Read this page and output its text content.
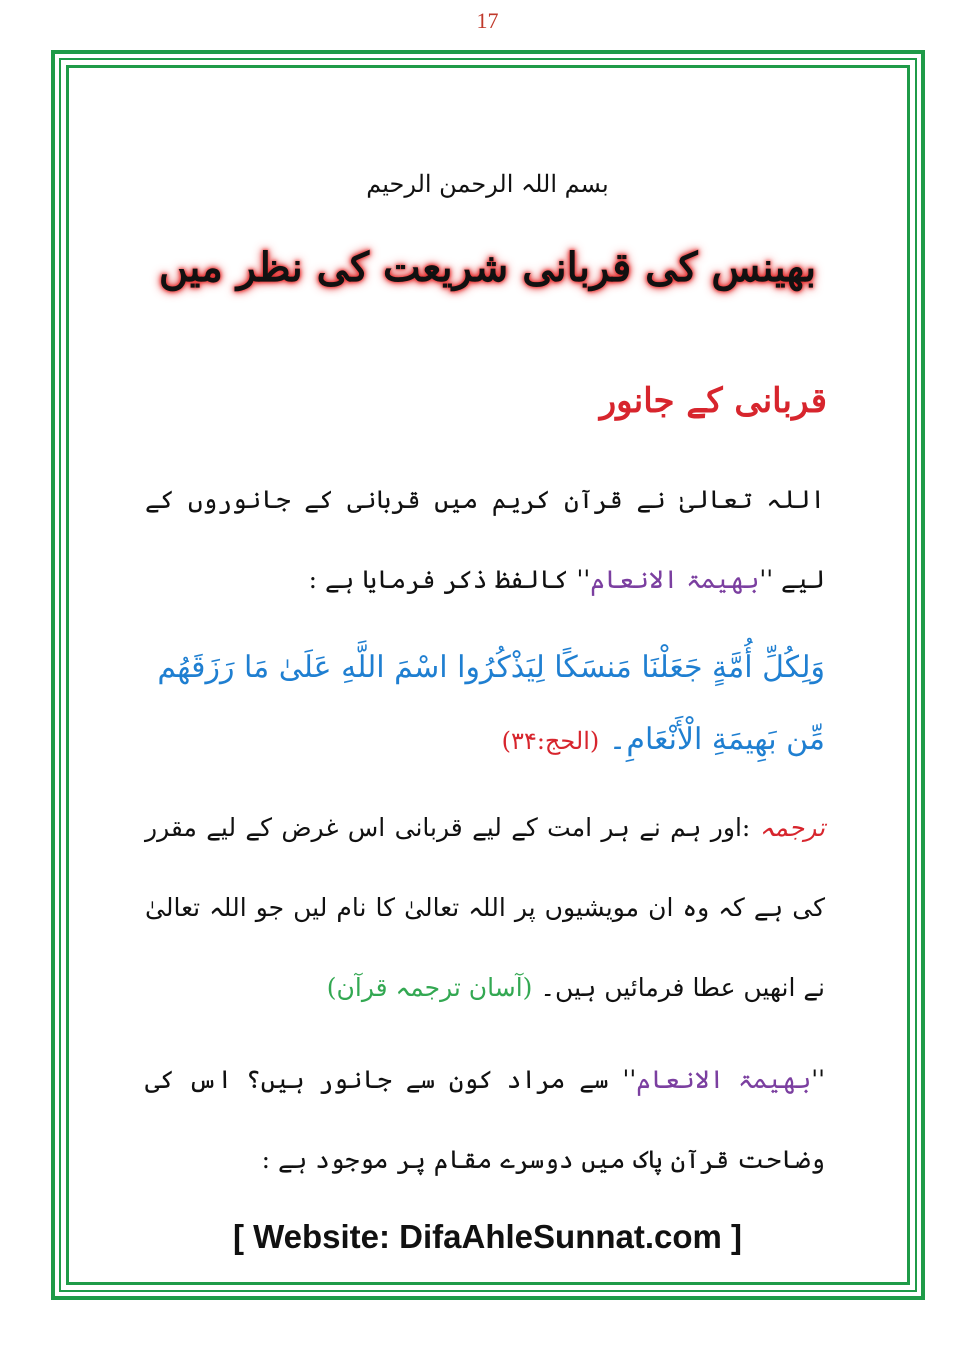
17
بسم اللہ الرحمن الرحیم
بھینس کی قربانی شریعت کی نظر میں
قربانی کے جانور
اللہ تعالیٰ نے قرآن کریم میں قربانی کے جانوروں کے لیے ''بھیمۃ الانعام'' کالفظ ذکر فرمایا ہے :
وَلِكُلِّ أُمَّةٍ جَعَلْنَا مَنسَكًا لِيَذْكُرُوا اسْمَ اللَّهِ عَلَىٰ مَا رَزَقَهُم مِّن بَهِيمَةِ الْأَنْعَامِ۔ (الحج:۳۴)
ترجمہ :اور ہم نے ہر امت کے لیے قربانی اس غرض کے لیے مقرر کی ہے کہ وہ ان مویشیوں پر اللہ تعالیٰ کا نام لیں جو اللہ تعالیٰ نے انھیں عطا فرمائیں ہیں۔ (آسان ترجمہ قرآن)
''بھیمۃ الانعام'' سے مراد کون سے جانور ہیں؟ اس کی وضاحت قرآن پاک میں دوسرے مقام پر موجود ہے :
[ Website: DifaAhleSunnat.com ]
